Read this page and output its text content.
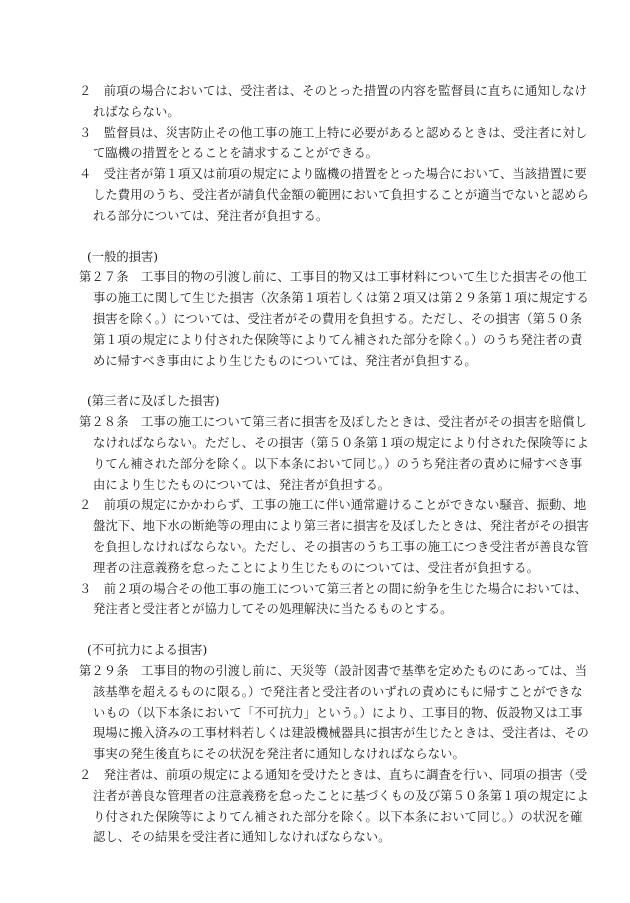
２　前項の場合においては、受注者は、そのとった措置の内容を監督員に直ちに通知しなければならない。

３　監督員は、災害防止その他工事の施工上特に必要があると認めるときは、受注者に対して臨機の措置をとることを請求することができる。

４　受注者が第１項又は前項の規定により臨機の措置をとった場合において、当該措置に要した費用のうち、受注者が請負代金額の範囲において負担することが適当でないと認められる部分については、発注者が負担する。

(一般的損害)

第２７条　工事目的物の引渡し前に、工事目的物又は工事材料について生じた損害その他工事の施工に関して生じた損害（次条第１項若しくは第２項又は第２９条第１項に規定する損害を除く。）については、受注者がその費用を負担する。ただし、その損害（第５０条第１項の規定により付された保険等によりてん補された部分を除く。）のうち発注者の責めに帰すべき事由により生じたものについては、発注者が負担する。

(第三者に及ぼした損害)

第２８条　工事の施工について第三者に損害を及ぼしたときは、受注者がその損害を賠償しなければならない。ただし、その損害（第５０条第１項の規定により付された保険等によりてん補された部分を除く。以下本条において同じ。）のうち発注者の責めに帰すべき事由により生じたものについては、発注者が負担する。

２　前項の規定にかかわらず、工事の施工に伴い通常避けることができない騒音、振動、地盤沈下、地下水の断絶等の理由により第三者に損害を及ぼしたときは、発注者がその損害を負担しなければならない。ただし、その損害のうち工事の施工につき受注者が善良な管理者の注意義務を怠ったことにより生じたものについては、受注者が負担する。

３　前２項の場合その他工事の施工について第三者との間に紛争を生じた場合においては、発注者と受注者とが協力してその処理解決に当たるものとする。

(不可抗力による損害)

第２９条　工事目的物の引渡し前に、天災等（設計図書で基準を定めたものにあっては、当該基準を超えるものに限る。）で発注者と受注者のいずれの責めにもに帰すことができないもの（以下本条において「不可抗力」という。）により、工事目的物、仮設物又は工事現場に搬入済みの工事材料若しくは建設機械器具に損害が生じたときは、受注者は、その事実の発生後直ちにその状況を発注者に通知しなければならない。

２　発注者は、前項の規定による通知を受けたときは、直ちに調査を行い、同項の損害（受注者が善良な管理者の注意義務を怠ったことに基づくもの及び第５０条第１項の規定により付された保険等によりてん補された部分を除く。以下本条において同じ。）の状況を確認し、その結果を受注者に通知しなければならない。
